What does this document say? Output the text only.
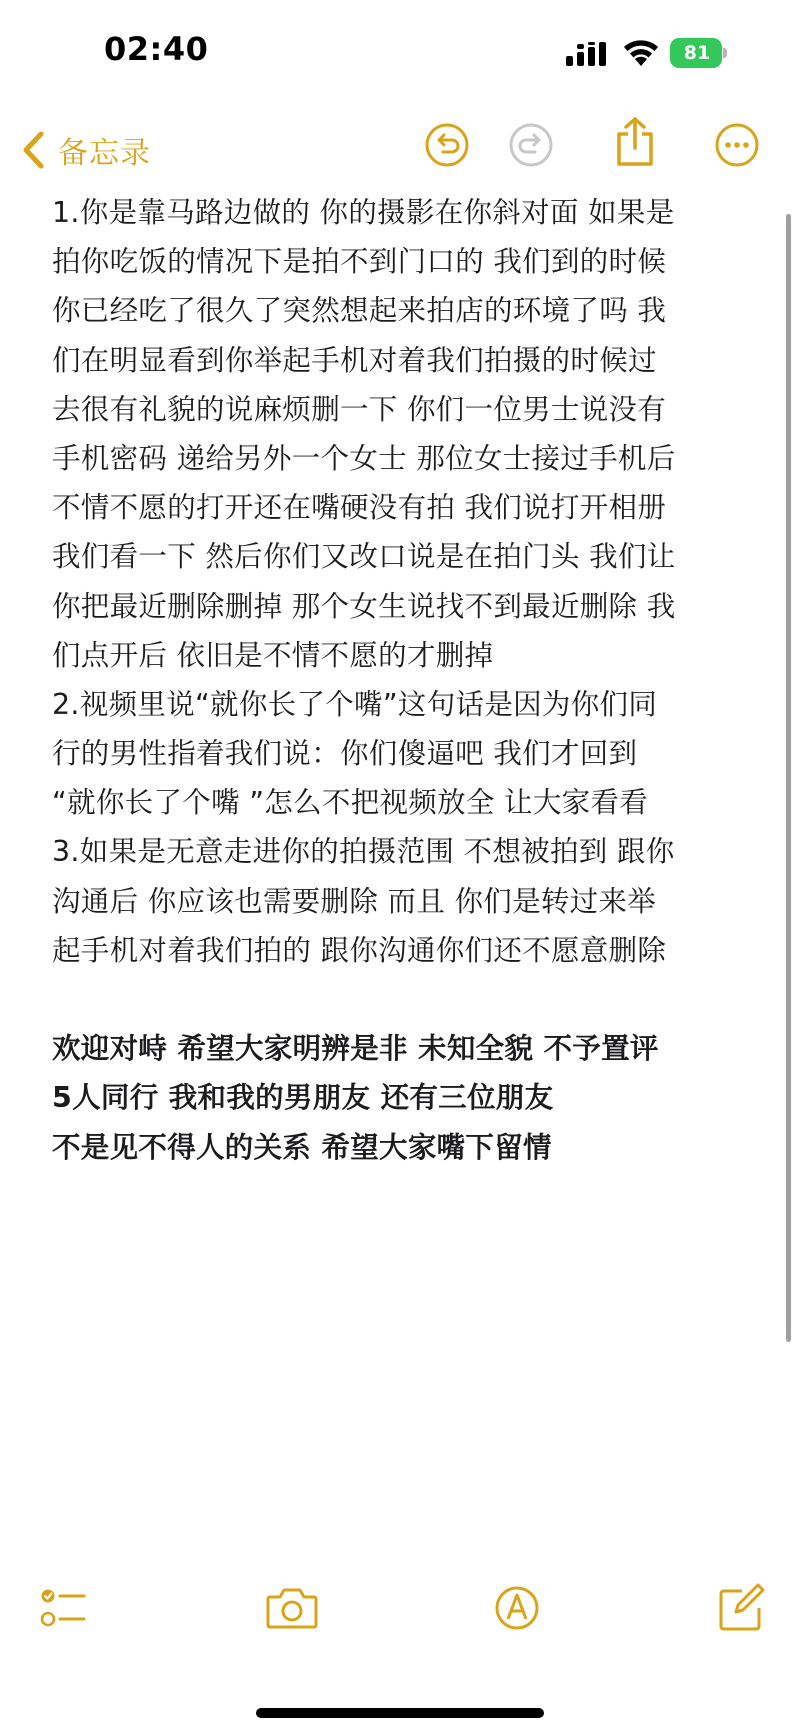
02:40	81
备忘录
1.你是靠马路边做的 你的摄影在你斜对面 如果是
拍你吃饭的情况下是拍不到门口的 我们到的时候
你已经吃了很久了突然想起来拍店的环境了吗 我
们在明显看到你举起手机对着我们拍摄的时候过
去很有礼貌的说麻烦删一下 你们一位男士说没有
手机密码 递给另外一个女士 那位女士接过手机后
不情不愿的打开还在嘴硬没有拍 我们说打开相册
我们看一下 然后你们又改口说是在拍门头 我们让
你把最近删除删掉 那个女生说找不到最近删除 我
们点开后 依旧是不情不愿的才删掉
2.视频里说“就你长了个嘴”这句话是因为你们同
行的男性指着我们说：你们傻逼吧 我们才回到
“就你长了个嘴 ”怎么不把视频放全 让大家看看
3.如果是无意走进你的拍摄范围 不想被拍到 跟你
沟通后 你应该也需要删除 而且 你们是转过来举
起手机对着我们拍的 跟你沟通你们还不愿意删除
欢迎对峙 希望大家明辨是非 未知全貌 不予置评
5人同行 我和我的男朋友 还有三位朋友
不是见不得人的关系 希望大家嘴下留情
